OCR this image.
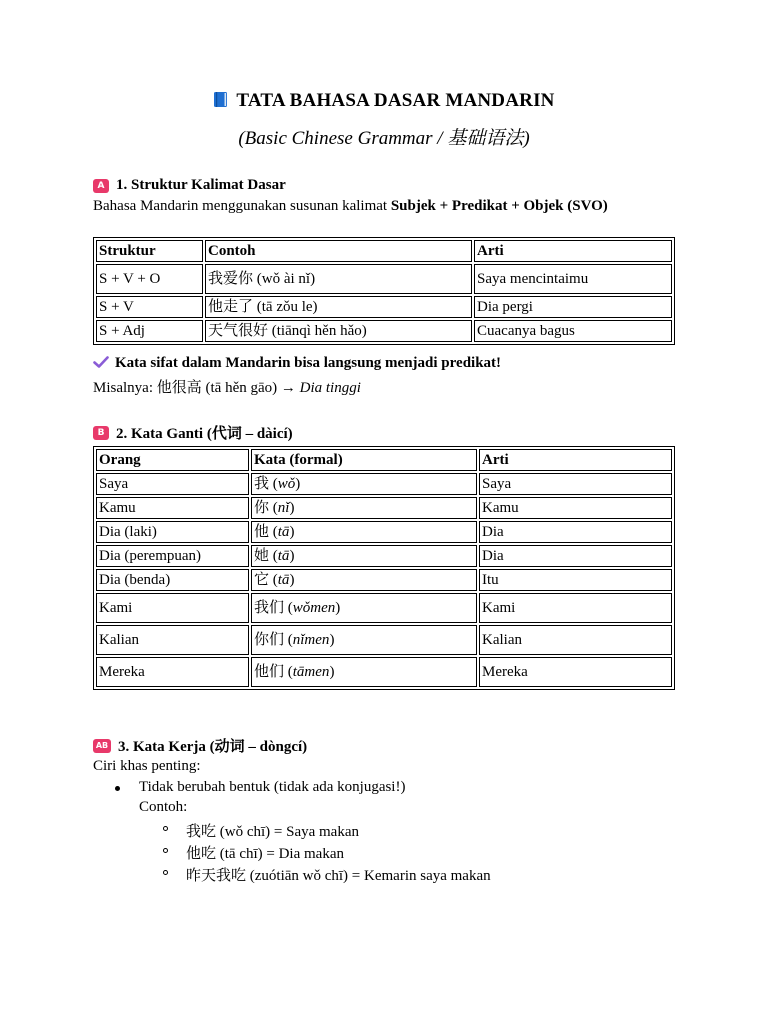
TATA BAHASA DASAR MANDARIN
(Basic Chinese Grammar / 基础语法)
A 1. Struktur Kalimat Dasar
Bahasa Mandarin menggunakan susunan kalimat Subjek + Predikat + Objek (SVO)
Struktur	Contoh	Arti
S + V + O	我爱你 (wǒ ài nǐ)	Saya mencintaimu
S + V	他走了 (tā zǒu le)	Dia pergi
S + Adj	天气很好 (tiānqì hěn hǎo)	Cuacanya bagus
Kata sifat dalam Mandarin bisa langsung menjadi predikat!
Misalnya: 他很高 (tā hěn gāo) → Dia tinggi
B 2. Kata Ganti (代词 – dàicí)
Orang	Kata (formal)	Arti
Saya	我 (wǒ)	Saya
Kamu	你 (nǐ)	Kamu
Dia (laki)	他 (tā)	Dia
Dia (perempuan)	她 (tā)	Dia
Dia (benda)	它 (tā)	Itu
Kami	我们 (wǒmen)	Kami
Kalian	你们 (nǐmen)	Kalian
Mereka	他们 (tāmen)	Mereka
AB 3. Kata Kerja (动词 – dòngcí)
Ciri khas penting:
Tidak berubah bentuk (tidak ada konjugasi!)
Contoh:
我吃 (wǒ chī) = Saya makan
他吃 (tā chī) = Dia makan
昨天我吃 (zuótiān wǒ chī) = Kemarin saya makan
